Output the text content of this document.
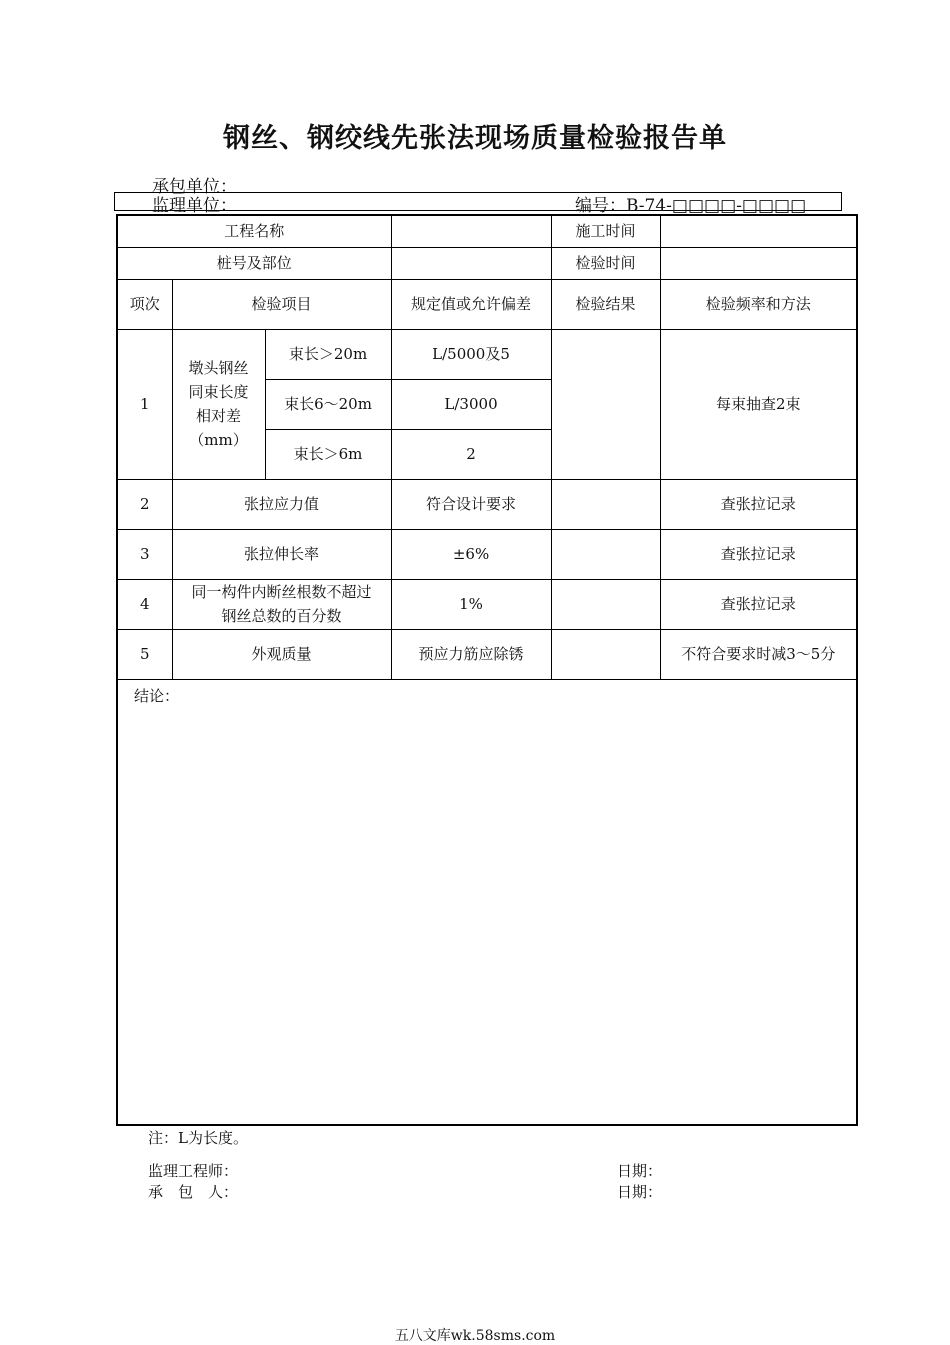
钢丝、钢绞线先张法现场质量检验报告单
承包单位：
监理单位：	编号：B-74-□□□□-□□□□
工程名称				施工时间	
桩号及部位				检验时间	
项次	检验项目		规定值或允许偏差	检验结果	检验频率和方法
1	墩头钢丝同束长度相对差（mm）	束长＞20m	L/5000及5		每束抽查2束
		束长6～20m	L/3000		
		束长＞6m	2		
2	张拉应力值		符合设计要求		查张拉记录
3	张拉伸长率		±6%		查张拉记录
4	同一构件内断丝根数不超过钢丝总数的百分数		1%		查张拉记录
5	外观质量		预应力筋应除锈		不符合要求时减3～5分
结论：					
注：L为长度。
监理工程师：	日期：
承　包　人：	日期：
五八文库wk.58sms.com
